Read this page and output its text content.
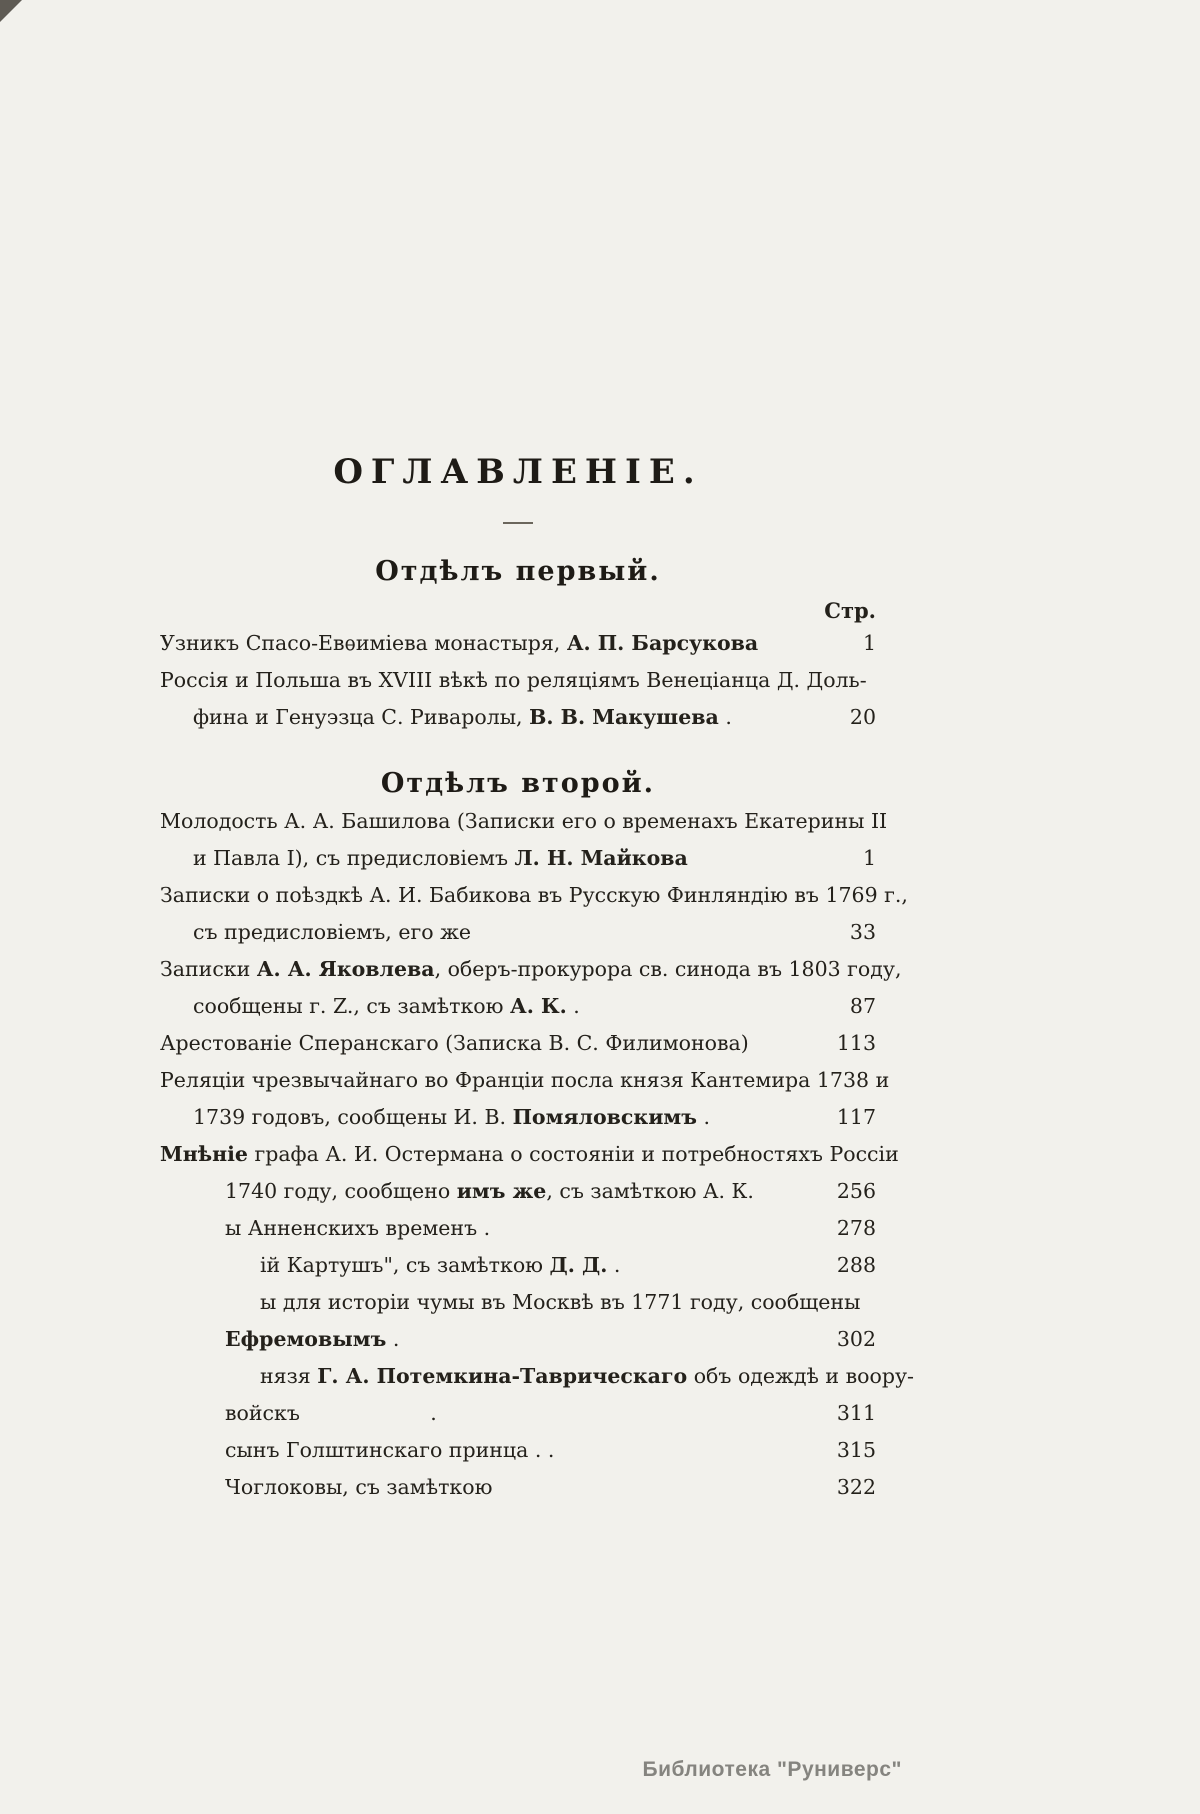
ОГЛАВЛЕНІЕ.
Отдѣлъ первый.
Стр.
Узникъ Спасо-Евѳиміева монастыря, А. П. Барсукова	1
Россія и Польша въ XVIII вѣкѣ по реляціямъ Венеціанца Д. Доль-
фина и Генуэзца С. Риваролы, В. В. Макушева .	20
Отдѣлъ второй.
Молодость А. А. Башилова (Записки его о временахъ Екатерины II
и Павла I), съ предисловіемъ Л. Н. Майкова	1
Записки о поѣздкѣ А. И. Бабикова въ Русскую Финляндію въ 1769 г.,
съ предисловіемъ, его же	33
Записки А. А. Яковлева, оберъ-прокурора св. синода въ 1803 году,
сообщены г. Z., съ замѣткою А. К. .	87
Арестованіе Сперанскаго (Записка В. С. Филимонова)	113
Реляціи чрезвычайнаго во Франціи посла князя Кантемира 1738 и
1739 годовъ, сообщены И. В. Помяловскимъ .	117
Мнѣніе графа А. И. Остермана о состояніи и потребностяхъ Россіи
1740 году, сообщено имъ же, съ замѣткою А. К.	256
ы Анненскихъ временъ .	278
ій Картушъ", съ замѣткою Д. Д. .	288
ы для исторіи чумы въ Москвѣ въ 1771 году, сообщены
Ефремовымъ .	302
нязя Г. А. Потемкина-Таврическаго объ одеждѣ и воору-
войскъ                    .	311
сынъ Голштинскаго принца . .	315
Чоглоковы, съ замѣткою	322
Библиотека "Руниверс"
